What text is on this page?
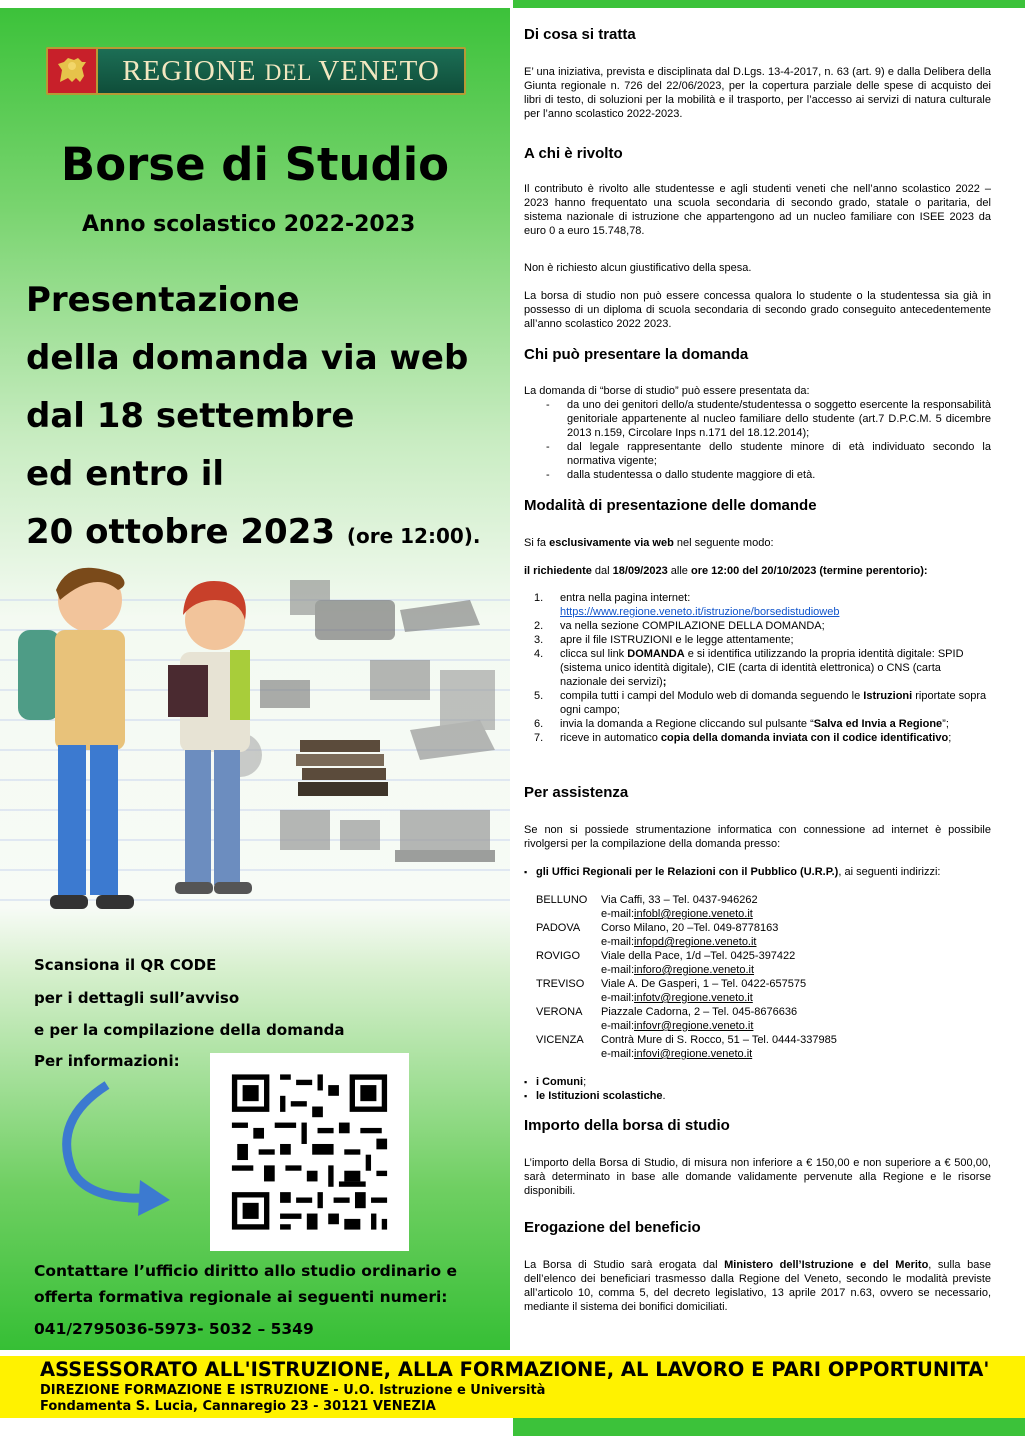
REGIONE DEL VENETO
Borse di Studio
Anno scolastico 2022-2023
Presentazione
della domanda via web
dal 18 settembre
ed entro il
20 ottobre 2023 (ore 12:00).
Scansiona il QR CODE
per i dettagli sull’avviso
e per la compilazione della domanda
Per informazioni:
Contattare l’ufficio diritto allo studio ordinario e
offerta formativa regionale ai seguenti numeri:
041/2795036-5973- 5032 – 5349
Di cosa si tratta

E’ una iniziativa, prevista e disciplinata dal D.Lgs. 13-4-2017, n. 63 (art. 9) e dalla Delibera della Giunta regionale n. 726 del 22/06/2023, per la copertura parziale delle spese di acquisto dei libri di testo, di soluzioni per la mobilità e il trasporto, per l’accesso ai servizi di natura culturale per l’anno scolastico 2022-2023.

A chi è rivolto

Il contributo è rivolto alle studentesse e agli studenti veneti che nell’anno scolastico 2022 – 2023 hanno frequentato una scuola secondaria di secondo grado, statale o paritaria, del sistema nazionale di istruzione che appartengono ad un nucleo familiare con ISEE 2023 da euro 0 a euro 15.748,78.

Non è richiesto alcun giustificativo della spesa.

La borsa di studio non può essere concessa qualora lo studente o la studentessa sia già in possesso di un diploma di scuola secondaria di secondo grado conseguito antecedentemente all’anno scolastico 2022 2023.

Chi può presentare la domanda

La domanda di “borse di studio” può essere presentata da:

- da uno dei genitori dello/a studente/studentessa o soggetto esercente la responsabilità genitoriale appartenente al nucleo familiare dello studente (art.7 D.P.C.M. 5 dicembre 2013 n.159, Circolare Inps n.171 del 18.12.2014);
- dal legale rappresentante dello studente minore di età individuato secondo la normativa vigente;
- dalla studentessa o dallo studente maggiore di età.
Modalità di presentazione delle domande

Si fa esclusivamente via web nel seguente modo:

il richiedente dal 18/09/2023 alle ore 12:00 del 20/10/2023 (termine perentorio):

1. entra nella pagina internet:
https://www.regione.veneto.it/istruzione/borsedistudioweb
2. va nella sezione COMPILAZIONE DELLA DOMANDA;
3. apre il file ISTRUZIONI e le legge attentamente;
4. clicca sul link DOMANDA e si identifica utilizzando la propria identità digitale: SPID (sistema unico identità digitale), CIE (carta di identità elettronica) o CNS (carta nazionale dei servizi);
5. compila tutti i campi del Modulo web di domanda seguendo le Istruzioni riportate sopra ogni campo;
6. invia la domanda a Regione cliccando sul pulsante “Salva ed Invia a Regione”;
7. riceve in automatico copia della domanda inviata con il codice identificativo;
Per assistenza

Se non si possiede strumentazione informatica con connessione ad internet è possibile rivolgersi per la compilazione della domanda presso:

▪ gli Uffici Regionali per le Relazioni con il Pubblico (U.R.P.), ai seguenti indirizzi:
BELLUNO	Via Caffi, 33 – Tel. 0437-946262
e-mail: infobl@regione.veneto.it
PADOVA	Corso Milano, 20 –Tel. 049-8778163
e-mail: infopd@regione.veneto.it
ROVIGO	Viale della Pace, 1/d –Tel. 0425-397422
e-mail: inforo@regione.veneto.it
TREVISO	Viale A. De Gasperi, 1 – Tel. 0422-657575
e-mail: infotv@regione.veneto.it
VERONA	Piazzale Cadorna, 2 – Tel. 045-8676636
e-mail: infovr@regione.veneto.it
VICENZA	Contrà Mure di S. Rocco, 51 – Tel. 0444-337985
e-mail: infovi@regione.veneto.it
▪ i Comuni;
▪ le Istituzioni scolastiche.
Importo della borsa di studio

L’importo della Borsa di Studio, di misura non inferiore a € 150,00 e non superiore a € 500,00, sarà determinato in base alle domande validamente pervenute alla Regione e le risorse disponibili.

Erogazione del beneficio

La Borsa di Studio sarà erogata dal Ministero dell’Istruzione e del Merito, sulla base dell’elenco dei beneficiari trasmesso dalla Regione del Veneto, secondo le modalità previste all’articolo 10, comma 5, del decreto legislativo, 13 aprile 2017 n.63, ovvero se necessario, mediante il sistema dei bonifici domiciliati.

ASSESSORATO ALL'ISTRUZIONE, ALLA FORMAZIONE, AL LAVORO E PARI OPPORTUNITA'
DIREZIONE FORMAZIONE E ISTRUZIONE - U.O. Istruzione e Università
Fondamenta S. Lucia, Cannaregio 23 - 30121 VENEZIA
